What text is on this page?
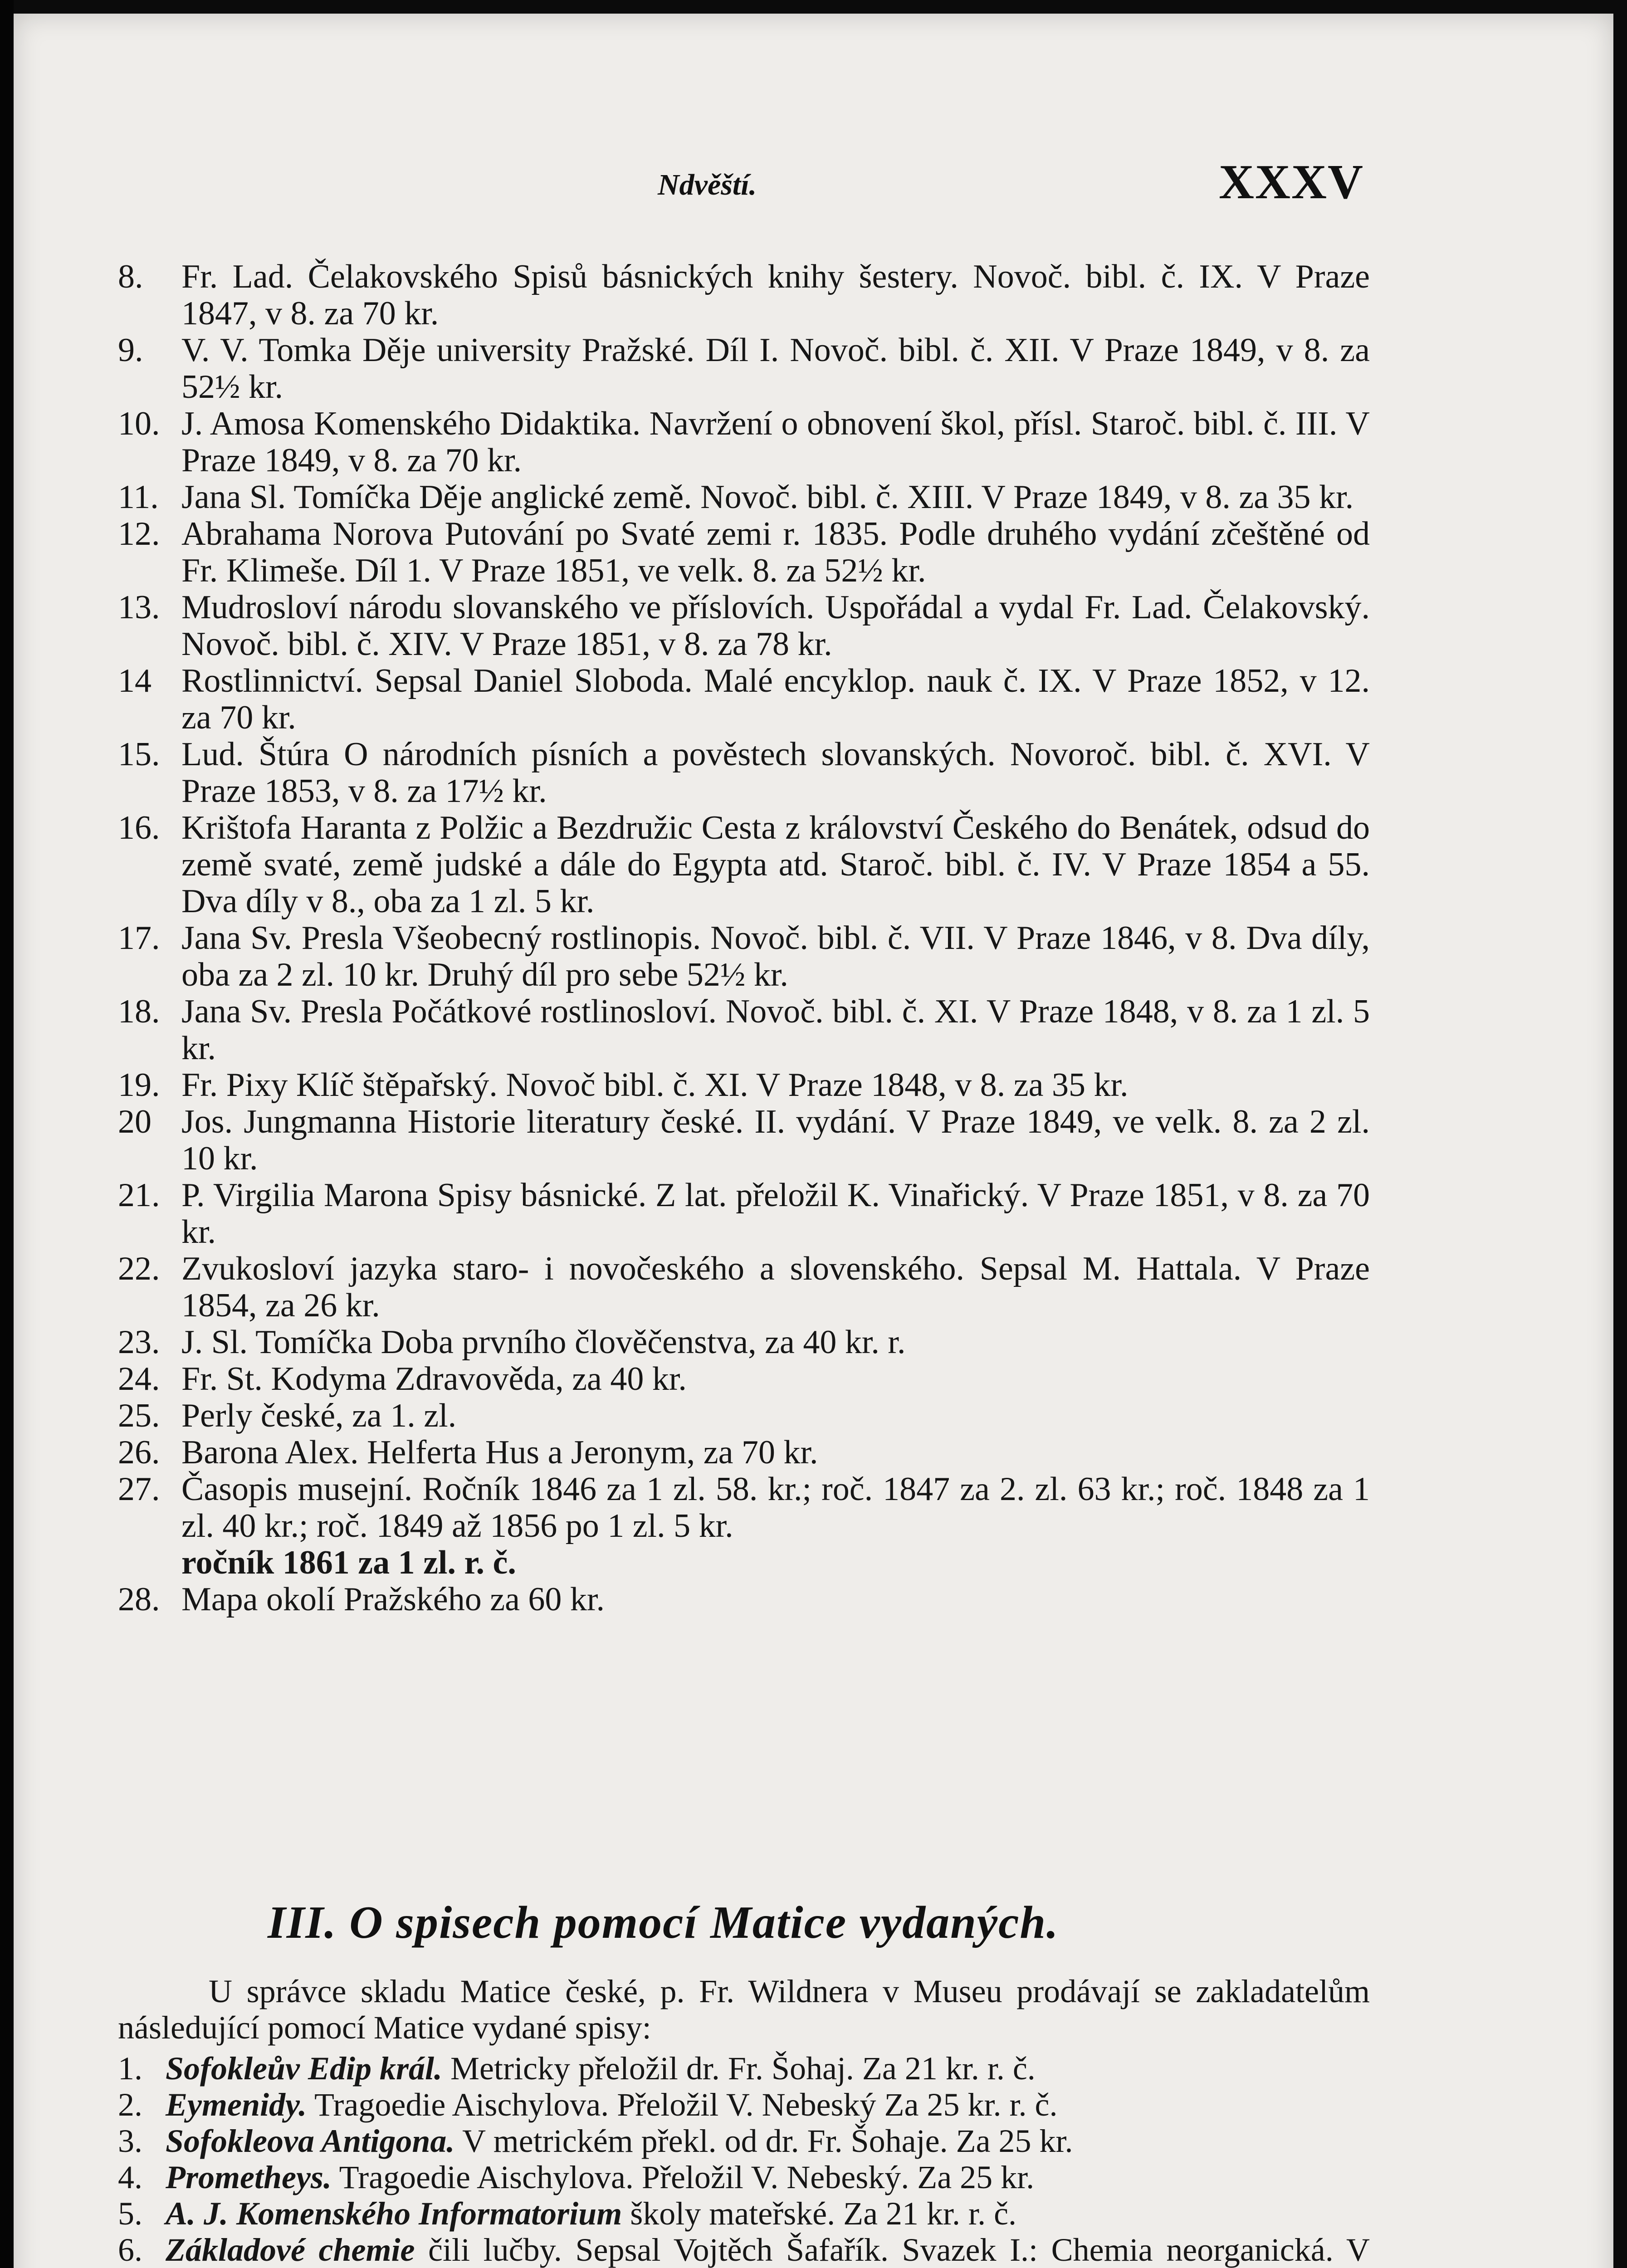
Ndvěští.	XXXV
8.	Fr. Lad. Čelakovského Spisů básnických knihy šestery. Novoč. bibl. č. IX. V Praze 1847, v 8. za 70 kr.
9.	V. V. Tomka Děje university Pražské. Díl I. Novoč. bibl. č. XII. V Praze 1849, v 8. za 52½ kr.
10. J. Amosa Komenského Didaktika. Navržení o obnovení škol, přísl. Staroč. bibl. č. III. V Praze 1849, v 8. za 70 kr.
11. Jana Sl. Tomíčka Děje anglické země. Novoč. bibl. č. XIII. V Praze 1849, v 8. za 35 kr.
12. Abrahama Norova Putování po Svaté zemi r. 1835. Podle druhého vydání zčeštěné od Fr. Klimeše. Díl 1. V Praze 1851, ve velk. 8. za 52½ kr.
13. Mudrosloví národu slovanského ve příslovích. Uspořádal a vydal Fr. Lad. Čelakovský. Novoč. bibl. č. XIV. V Praze 1851, v 8. za 78 kr.
14 Rostlinnictví. Sepsal Daniel Sloboda. Malé encyklop. nauk č. IX. V Praze 1852, v 12. za 70 kr.
15. Lud. Štúra O národních písních a pověstech slovanských. Novoroč. bibl. č. XVI. V Praze 1853, v 8. za 17½ kr.
16. Krištofa Haranta z Polžic a Bezdružic Cesta z království Českého do Benátek, odsud do země svaté, země judské a dále do Egypta atd. Staroč. bibl. č. IV. V Praze 1854 a 55. Dva díly v 8., oba za 1 zl. 5 kr.
17. Jana Sv. Presla Všeobecný rostlinopis. Novoč. bibl. č. VII. V Praze 1846, v 8. Dva díly, oba za 2 zl. 10 kr. Druhý díl pro sebe 52½ kr.
18. Jana Sv. Presla Počátkové rostlinosloví. Novoč. bibl. č. XI. V Praze 1848, v 8. za 1 zl. 5 kr.
19. Fr. Pixy Klíč štěpařský. Novoč bibl. č. XI. V Praze 1848, v 8. za 35 kr.
20 Jos. Jungmanna Historie literatury české. II. vydání. V Praze 1849, ve velk. 8. za 2 zl. 10 kr.
21. P. Virgilia Marona Spisy básnické. Z lat. přeložil K. Vinařický. V Praze 1851, v 8. za 70 kr.
22. Zvukosloví jazyka staro- i novočeského a slovenského. Sepsal M. Hattala. V Praze 1854, za 26 kr.
23. J. Sl. Tomíčka Doba prvního člověčenstva, za 40 kr. r.
24. Fr. St. Kodyma Zdravověda, za 40 kr.
25. Perly české, za 1. zl.
26. Barona Alex. Helferta Hus a Jeronym, za 70 kr.
27. Časopis musejní. Ročník 1846 za 1 zl. 58. kr.; roč. 1847 za 2. zl. 63 kr.; roč. 1848 za 1 zl. 40 kr.; roč. 1849 až 1856 po 1 zl. 5 kr.
ročník 1861 za 1 zl. r. č.
28. Mapa okolí Pražského za 60 kr.
III. O spisech pomocí Matice vydaných.

U správce skladu Matice české, p. Fr. Wildnera v Museu prodávají se zakladatelům následující pomocí Matice vydané spisy:

1. Sofokleův Edip král. Metricky přeložil dr. Fr. Šohaj. Za 21 kr. r. č.
2. Eymenidy. Tragoedie Aischylova. Přeložil V. Nebeský Za 25 kr. r. č.
3. Sofokleova Antigona. V metrickém překl. od dr. Fr. Šohaje. Za 25 kr.
4. Prometheys. Tragoedie Aischylova. Přeložil V. Nebeský. Za 25 kr.
5. A. J. Komenského Informatorium školy mateřské. Za 21 kr. r. č.
6. Základové chemie čili lučby. Sepsal Vojtěch Šafařík. Svazek I.: Chemia neorganická. V
